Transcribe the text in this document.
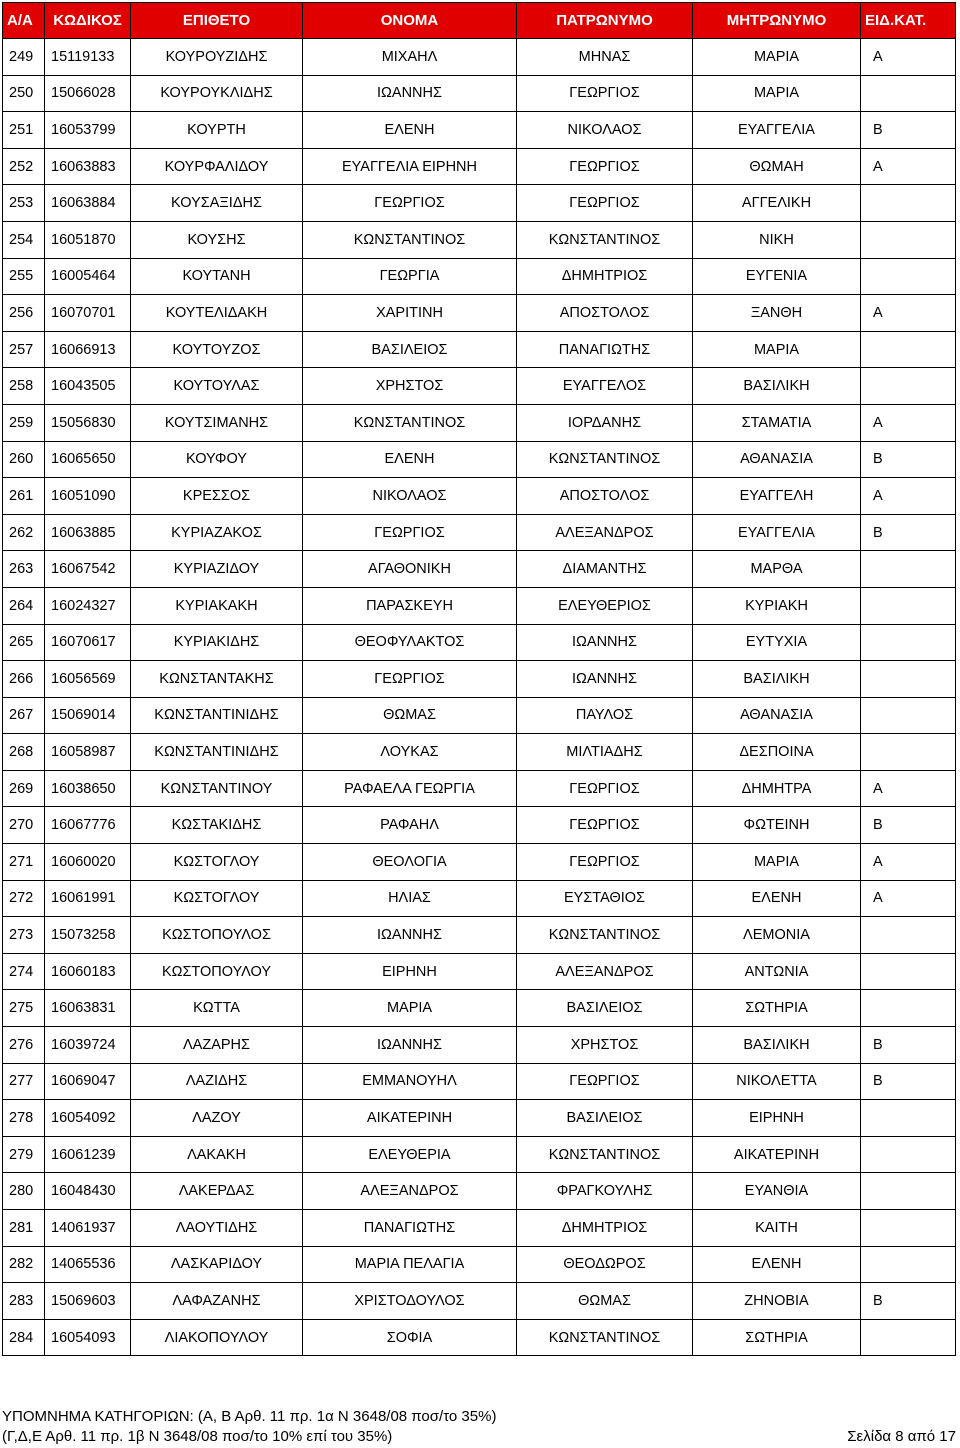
Α/Α	ΚΩΔΙΚΟΣ	ΕΠΙΘΕΤΟ	ΟΝΟΜΑ	ΠΑΤΡΩΝΥΜΟ	ΜΗΤΡΩΝΥΜΟ	ΕΙΔ.ΚΑΤ.
249	15119133	ΚΟΥΡΟΥΖΙΔΗΣ	ΜΙΧΑΗΛ	ΜΗΝΑΣ	ΜΑΡΙΑ	Α
250	15066028	ΚΟΥΡΟΥΚΛΙΔΗΣ	ΙΩΑΝΝΗΣ	ΓΕΩΡΓΙΟΣ	ΜΑΡΙΑ	
251	16053799	ΚΟΥΡΤΗ	ΕΛΕΝΗ	ΝΙΚΟΛΑΟΣ	ΕΥΑΓΓΕΛΙΑ	Β
252	16063883	ΚΟΥΡΦΑΛΙΔΟΥ	ΕΥΑΓΓΕΛΙΑ ΕΙΡΗΝΗ	ΓΕΩΡΓΙΟΣ	ΘΩΜΑΗ	Α
253	16063884	ΚΟΥΣΑΞΙΔΗΣ	ΓΕΩΡΓΙΟΣ	ΓΕΩΡΓΙΟΣ	ΑΓΓΕΛΙΚΗ	
254	16051870	ΚΟΥΣΗΣ	ΚΩΝΣΤΑΝΤΙΝΟΣ	ΚΩΝΣΤΑΝΤΙΝΟΣ	ΝΙΚΗ	
255	16005464	ΚΟΥΤΑΝΗ	ΓΕΩΡΓΙΑ	ΔΗΜΗΤΡΙΟΣ	ΕΥΓΕΝΙΑ	
256	16070701	ΚΟΥΤΕΛΙΔΑΚΗ	ΧΑΡΙΤΙΝΗ	ΑΠΟΣΤΟΛΟΣ	ΞΑΝΘΗ	Α
257	16066913	ΚΟΥΤΟΥΖΟΣ	ΒΑΣΙΛΕΙΟΣ	ΠΑΝΑΓΙΩΤΗΣ	ΜΑΡΙΑ	
258	16043505	ΚΟΥΤΟΥΛΑΣ	ΧΡΗΣΤΟΣ	ΕΥΑΓΓΕΛΟΣ	ΒΑΣΙΛΙΚΗ	
259	15056830	ΚΟΥΤΣΙΜΑΝΗΣ	ΚΩΝΣΤΑΝΤΙΝΟΣ	ΙΟΡΔΑΝΗΣ	ΣΤΑΜΑΤΙΑ	Α
260	16065650	ΚΟΥΦΟΥ	ΕΛΕΝΗ	ΚΩΝΣΤΑΝΤΙΝΟΣ	ΑΘΑΝΑΣΙΑ	Β
261	16051090	ΚΡΕΣΣΟΣ	ΝΙΚΟΛΑΟΣ	ΑΠΟΣΤΟΛΟΣ	ΕΥΑΓΓΕΛΗ	Α
262	16063885	ΚΥΡΙΑΖΑΚΟΣ	ΓΕΩΡΓΙΟΣ	ΑΛΕΞΑΝΔΡΟΣ	ΕΥΑΓΓΕΛΙΑ	Β
263	16067542	ΚΥΡΙΑΖΙΔΟΥ	ΑΓΑΘΟΝΙΚΗ	ΔΙΑΜΑΝΤΗΣ	ΜΑΡΘΑ	
264	16024327	ΚΥΡΙΑΚΑΚΗ	ΠΑΡΑΣΚΕΥΗ	ΕΛΕΥΘΕΡΙΟΣ	ΚΥΡΙΑΚΗ	
265	16070617	ΚΥΡΙΑΚΙΔΗΣ	ΘΕΟΦΥΛΑΚΤΟΣ	ΙΩΑΝΝΗΣ	ΕΥΤΥΧΙΑ	
266	16056569	ΚΩΝΣΤΑΝΤΑΚΗΣ	ΓΕΩΡΓΙΟΣ	ΙΩΑΝΝΗΣ	ΒΑΣΙΛΙΚΗ	
267	15069014	ΚΩΝΣΤΑΝΤΙΝΙΔΗΣ	ΘΩΜΑΣ	ΠΑΥΛΟΣ	ΑΘΑΝΑΣΙΑ	
268	16058987	ΚΩΝΣΤΑΝΤΙΝΙΔΗΣ	ΛΟΥΚΑΣ	ΜΙΛΤΙΑΔΗΣ	ΔΕΣΠΟΙΝΑ	
269	16038650	ΚΩΝΣΤΑΝΤΙΝΟΥ	ΡΑΦΑΕΛΑ ΓΕΩΡΓΙΑ	ΓΕΩΡΓΙΟΣ	ΔΗΜΗΤΡΑ	Α
270	16067776	ΚΩΣΤΑΚΙΔΗΣ	ΡΑΦΑΗΛ	ΓΕΩΡΓΙΟΣ	ΦΩΤΕΙΝΗ	Β
271	16060020	ΚΩΣΤΟΓΛΟΥ	ΘΕΟΛΟΓΙΑ	ΓΕΩΡΓΙΟΣ	ΜΑΡΙΑ	Α
272	16061991	ΚΩΣΤΟΓΛΟΥ	ΗΛΙΑΣ	ΕΥΣΤΑΘΙΟΣ	ΕΛΕΝΗ	Α
273	15073258	ΚΩΣΤΟΠΟΥΛΟΣ	ΙΩΑΝΝΗΣ	ΚΩΝΣΤΑΝΤΙΝΟΣ	ΛΕΜΟΝΙΑ	
274	16060183	ΚΩΣΤΟΠΟΥΛΟΥ	ΕΙΡΗΝΗ	ΑΛΕΞΑΝΔΡΟΣ	ΑΝΤΩΝΙΑ	
275	16063831	ΚΩΤΤΑ	ΜΑΡΙΑ	ΒΑΣΙΛΕΙΟΣ	ΣΩΤΗΡΙΑ	
276	16039724	ΛΑΖΑΡΗΣ	ΙΩΑΝΝΗΣ	ΧΡΗΣΤΟΣ	ΒΑΣΙΛΙΚΗ	Β
277	16069047	ΛΑΖΙΔΗΣ	ΕΜΜΑΝΟΥΗΛ	ΓΕΩΡΓΙΟΣ	ΝΙΚΟΛΕΤΤΑ	Β
278	16054092	ΛΑΖΟΥ	ΑΙΚΑΤΕΡΙΝΗ	ΒΑΣΙΛΕΙΟΣ	ΕΙΡΗΝΗ	
279	16061239	ΛΑΚΑΚΗ	ΕΛΕΥΘΕΡΙΑ	ΚΩΝΣΤΑΝΤΙΝΟΣ	ΑΙΚΑΤΕΡΙΝΗ	
280	16048430	ΛΑΚΕΡΔΑΣ	ΑΛΕΞΑΝΔΡΟΣ	ΦΡΑΓΚΟΥΛΗΣ	ΕΥΑΝΘΙΑ	
281	14061937	ΛΑΟΥΤΙΔΗΣ	ΠΑΝΑΓΙΩΤΗΣ	ΔΗΜΗΤΡΙΟΣ	ΚΑΙΤΗ	
282	14065536	ΛΑΣΚΑΡΙΔΟΥ	ΜΑΡΙΑ ΠΕΛΑΓΙΑ	ΘΕΟΔΩΡΟΣ	ΕΛΕΝΗ	
283	15069603	ΛΑΦΑΖΑΝΗΣ	ΧΡΙΣΤΟΔΟΥΛΟΣ	ΘΩΜΑΣ	ΖΗΝΟΒΙΑ	Β
284	16054093	ΛΙΑΚΟΠΟΥΛΟΥ	ΣΟΦΙΑ	ΚΩΝΣΤΑΝΤΙΝΟΣ	ΣΩΤΗΡΙΑ	
ΥΠΟΜΝΗΜΑ ΚΑΤΗΓΟΡΙΩΝ: (Α, Β Αρθ. 11 πρ. 1α Ν 3648/08 ποσ/το 35%)
(Γ,Δ,Ε Αρθ. 11 πρ. 1β Ν 3648/08 ποσ/το 10% επί του 35%)	Σελίδα 8 από 17
